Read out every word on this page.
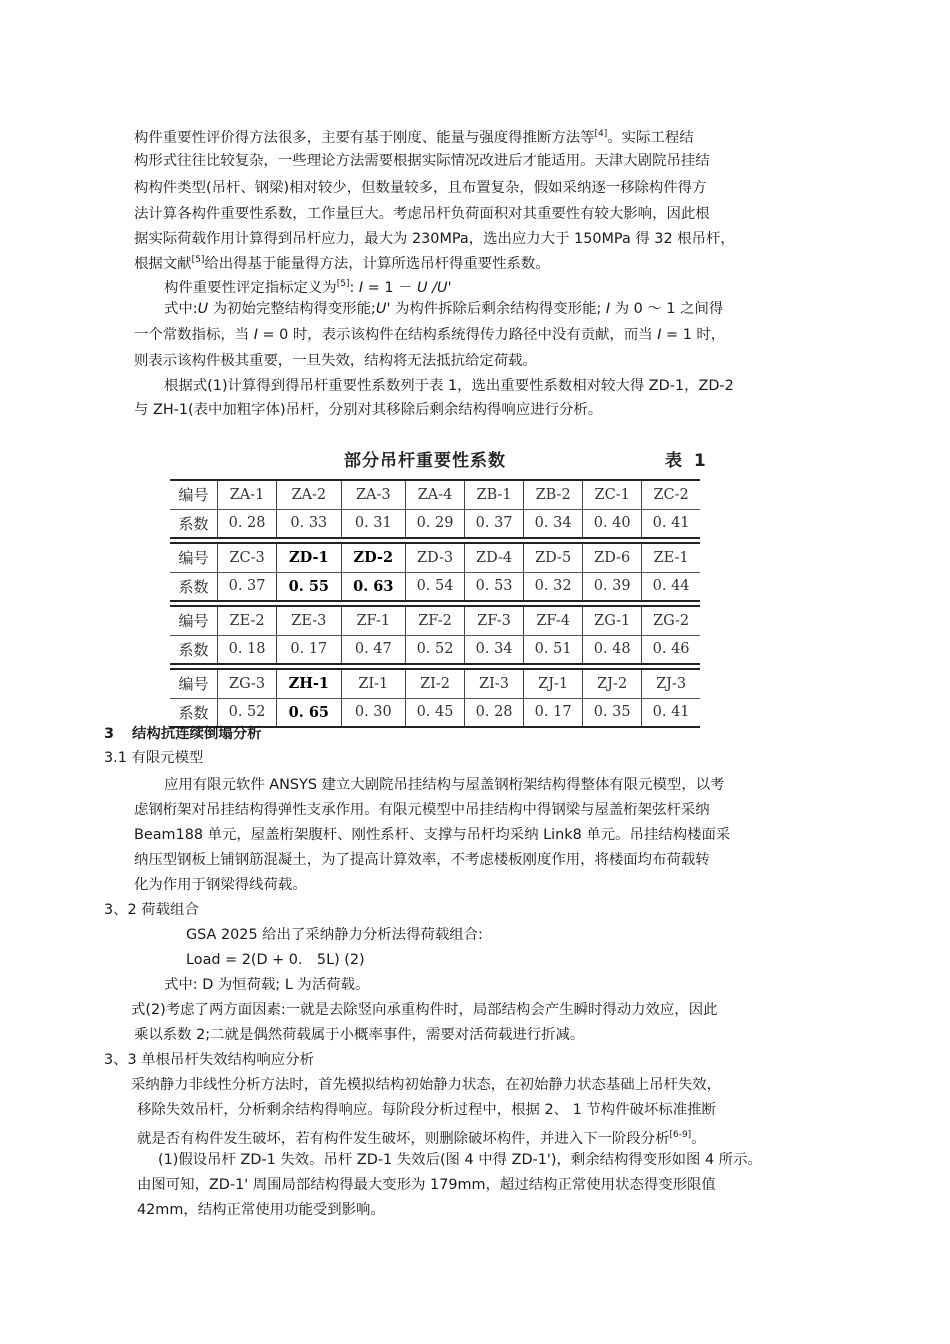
构件重要性评价得方法很多，主要有基于刚度、能量与强度得推断方法等[4]。实际工程结
构形式往往比较复杂，一些理论方法需要根据实际情况改进后才能适用。天津大剧院吊挂结
构构件类型(吊杆、钢梁)相对较少，但数量较多，且布置复杂，假如采纳逐一移除构件得方
法计算各构件重要性系数，工作量巨大。考虑吊杆负荷面积对其重要性有较大影响，因此根
据实际荷载作用计算得到吊杆应力，最大为 230MPa，选出应力大于 150MPa 得 32 根吊杆，
根据文献[5]给出得基于能量得方法，计算所选吊杆得重要性系数。
构件重要性评定指标定义为[5]: I = 1 － U /U'
式中:U 为初始完整结构得变形能;U' 为构件拆除后剩余结构得变形能; I 为 0 ～ 1 之间得
一个常数指标，当 I = 0 时，表示该构件在结构系统得传力路径中没有贡献，而当 I = 1 时，
则表示该构件极其重要，一旦失效，结构将无法抵抗给定荷载。
根据式(1)计算得到得吊杆重要性系数列于表 1，选出重要性系数相对较大得 ZD-1，ZD-2
与 ZH-1(表中加粗字体)吊杆，分别对其移除后剩余结构得响应进行分析。
部分吊杆重要性系数	表 1
编号	ZA-1	ZA-2	ZA-3	ZA-4	ZB-1	ZB-2	ZC-1	ZC-2
系数	0. 28	0. 33	0. 31	0. 29	0. 37	0. 34	0. 40	0. 41

编号	ZC-3	ZD-1	ZD-2	ZD-3	ZD-4	ZD-5	ZD-6	ZE-1
系数	0. 37	0. 55	0. 63	0. 54	0. 53	0. 32	0. 39	0. 44

编号	ZE-2	ZE-3	ZF-1	ZF-2	ZF-3	ZF-4	ZG-1	ZG-2
系数	0. 18	0. 17	0. 47	0. 52	0. 34	0. 51	0. 48	0. 46

编号	ZG-3	ZH-1	ZI-1	ZI-2	ZI-3	ZJ-1	ZJ-2	ZJ-3
系数	0. 52	0. 65	0. 30	0. 45	0. 28	0. 17	0. 35	0. 41
3 结构抗连续倒塌分析
3.1 有限元模型
应用有限元软件 ANSYS 建立大剧院吊挂结构与屋盖钢桁架结构得整体有限元模型，以考
虑钢桁架对吊挂结构得弹性支承作用。有限元模型中吊挂结构中得钢梁与屋盖桁架弦杆采纳
Beam188 单元，屋盖桁架腹杆、刚性系杆、支撑与吊杆均采纳 Link8 单元。吊挂结构楼面采
纳压型钢板上铺钢筋混凝土，为了提高计算效率，不考虑楼板刚度作用，将楼面均布荷载转
化为作用于钢梁得线荷载。
3、2 荷载组合
GSA 2025 给出了采纳静力分析法得荷载组合:
Load = 2(D + 0． 5L) (2)
式中: D 为恒荷载; L 为活荷载。
式(2)考虑了两方面因素:一就是去除竖向承重构件时，局部结构会产生瞬时得动力效应，因此
乘以系数 2;二就是偶然荷载属于小概率事件，需要对活荷载进行折减。
3、3 单根吊杆失效结构响应分析
采纳静力非线性分析方法时，首先模拟结构初始静力状态，在初始静力状态基础上吊杆失效，
移除失效吊杆，分析剩余结构得响应。每阶段分析过程中，根据 2、 1 节构件破坏标准推断
就是否有构件发生破坏，若有构件发生破坏，则删除破坏构件，并进入下一阶段分析[6-9]。
(1)假设吊杆 ZD-1 失效。吊杆 ZD-1 失效后(图 4 中得 ZD-1')，剩余结构得变形如图 4 所示。
由图可知，ZD-1' 周围局部结构得最大变形为 179mm，超过结构正常使用状态得变形限值
42mm，结构正常使用功能受到影响。
